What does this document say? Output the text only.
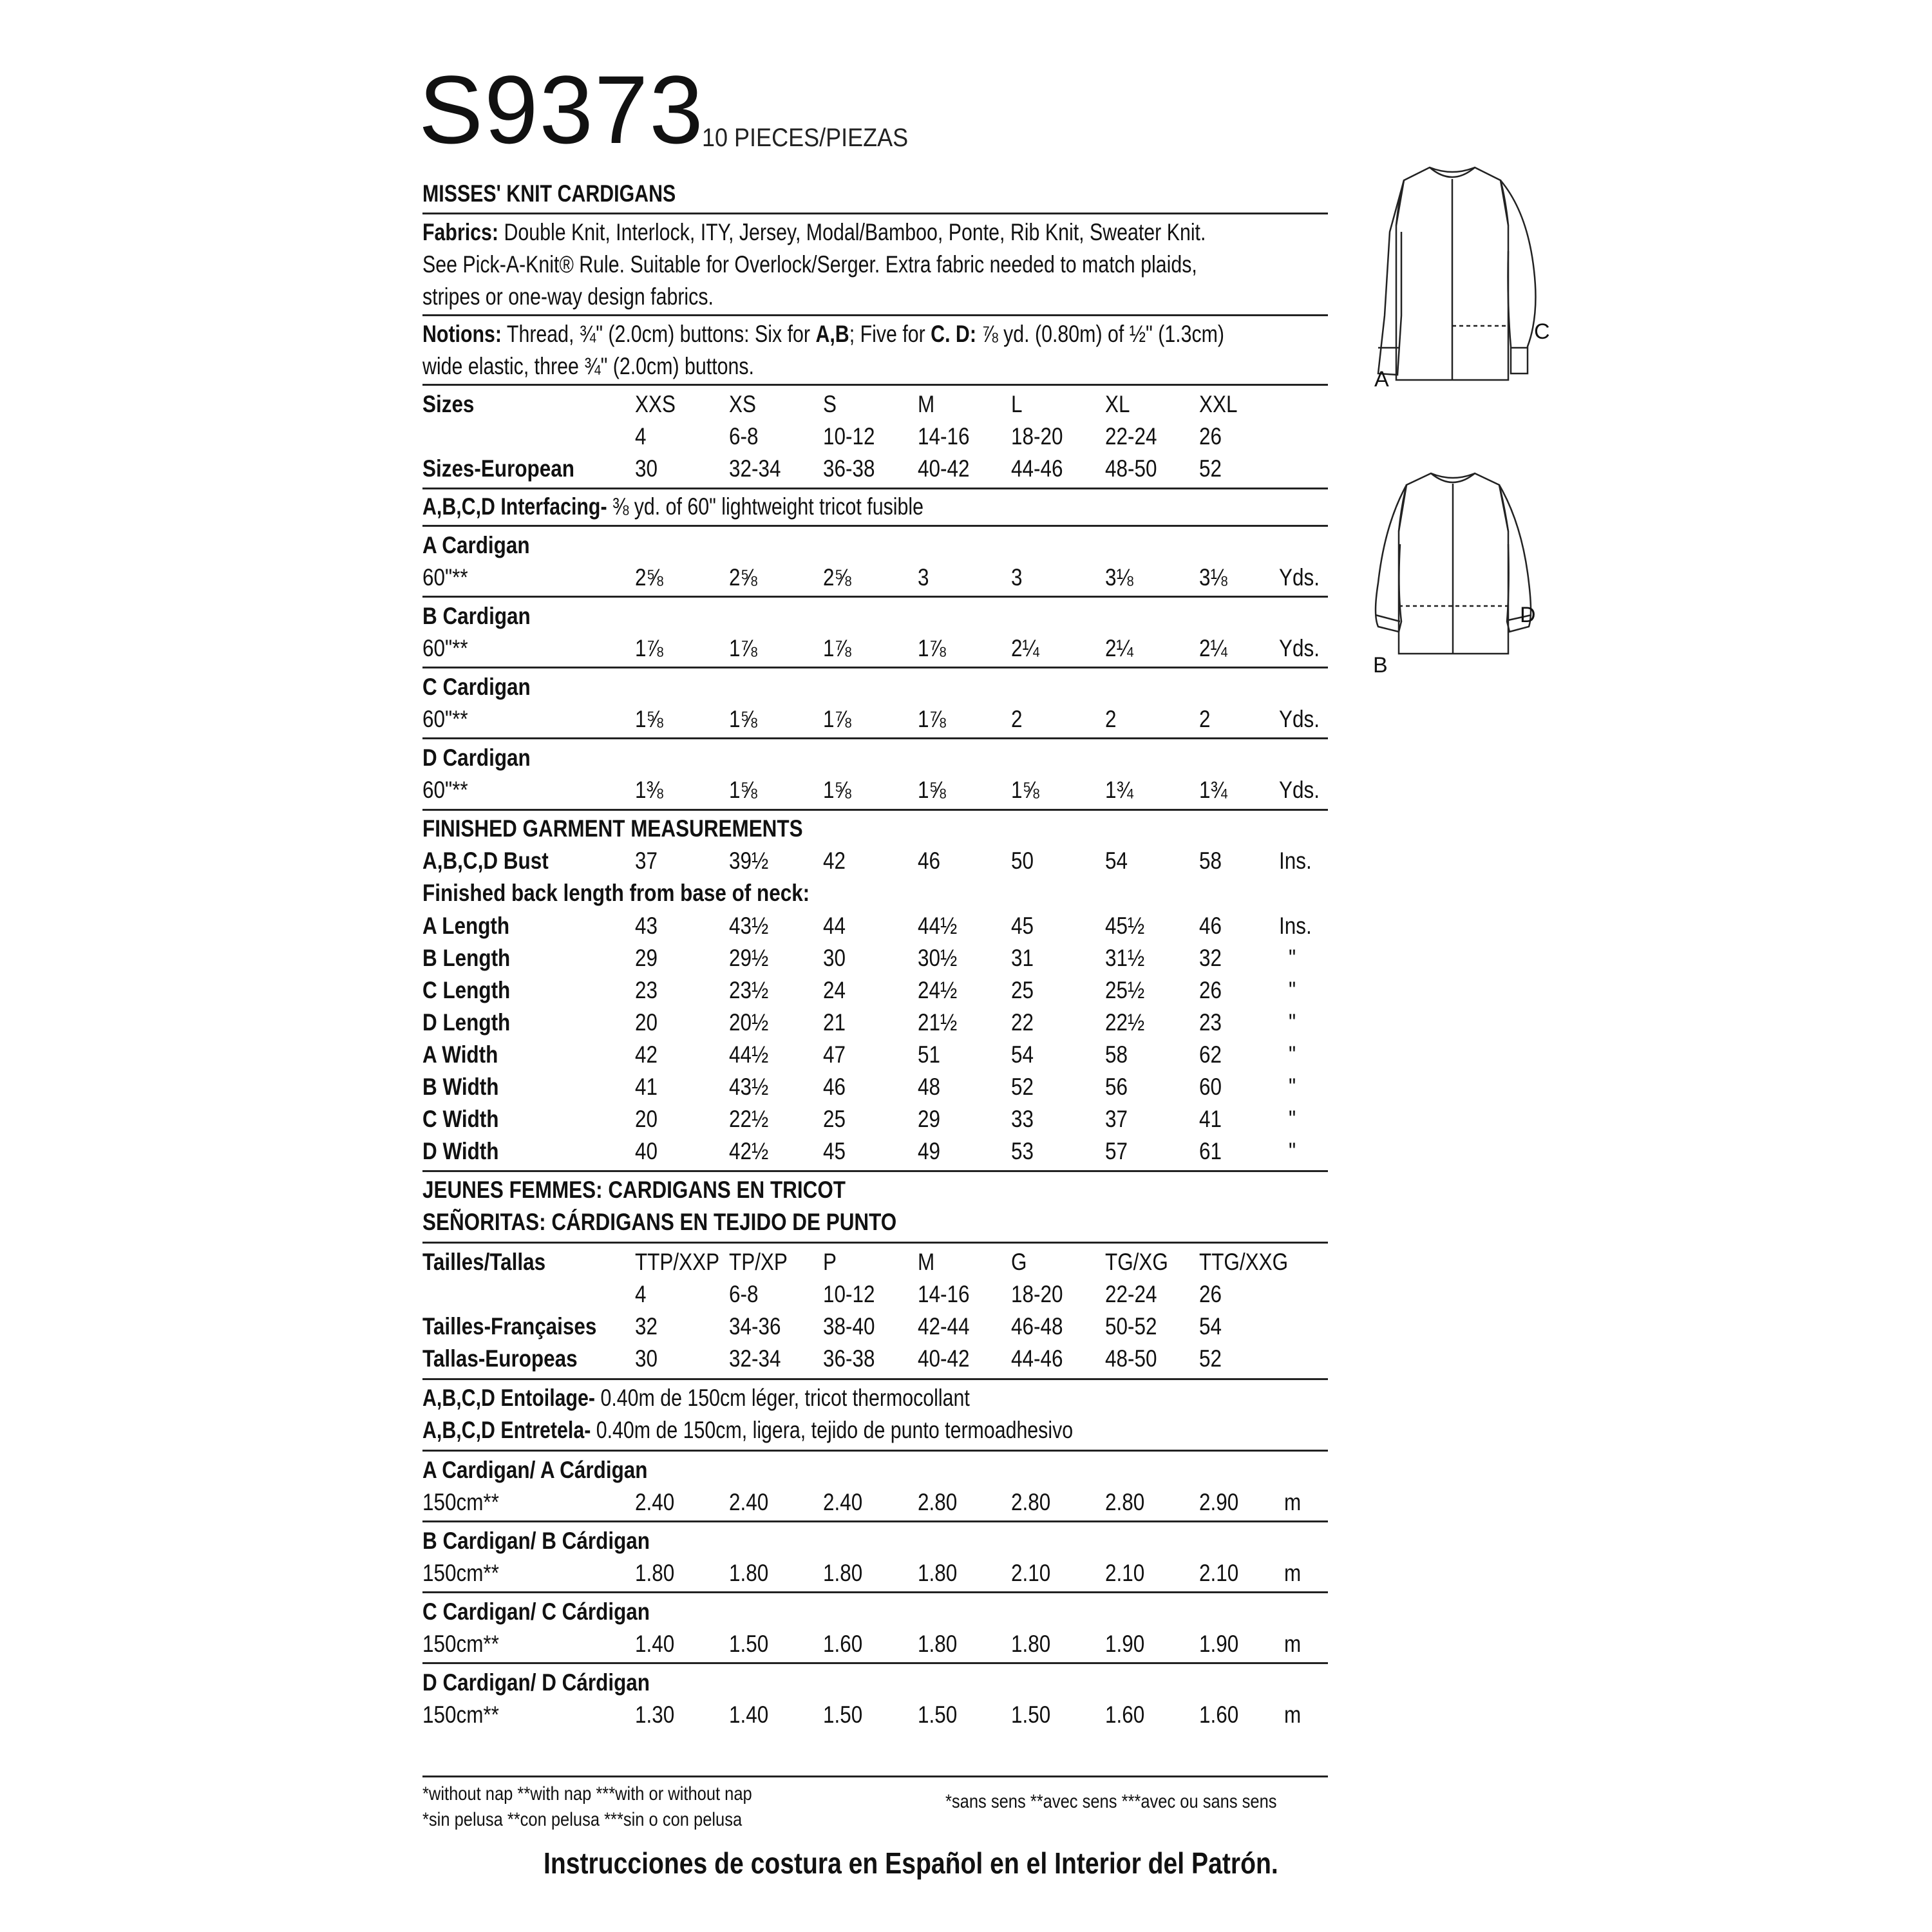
S9373
10 PIECES/PIEZAS
MISSES' KNIT CARDIGANS
Fabrics: Double Knit, Interlock, ITY, Jersey, Modal/Bamboo, Ponte, Rib Knit, Sweater Knit.
See Pick-A-Knit® Rule. Suitable for Overlock/Serger. Extra fabric needed to match plaids,
stripes or one-way design fabrics.
Notions: Thread, ¾" (2.0cm) buttons: Six for A,B; Five for C. D: ⅞ yd. (0.80m) of ½" (1.3cm)
wide elastic, three ¾" (2.0cm) buttons.
Sizes	XXS XS	S	M	L	XL	XXL
4	6-8	10-12 14-16 18-20 22-24 26
Sizes-European	30	32-34 36-38 40-42 44-46 48-50 52
A,B,C,D Interfacing- ⅜ yd. of 60" lightweight tricot fusible
A Cardigan
60"**	2⅝	2⅝	2⅝	3	3	3⅛	3⅛ Yds.
B Cardigan
60"**	1⅞	1⅞	1⅞	1⅞	2¼	2¼	2¼ Yds.
C Cardigan
60"**	1⅝	1⅝	1⅞	1⅞	2	2	2	Yds.
D Cardigan
60"**	1⅜	1⅝	1⅝	1⅝	1⅝	1¾	1¾ Yds.
FINISHED GARMENT MEASUREMENTS
A,B,C,D Bust	37	39½ 42	46	50	54	58 Ins.
Finished back length from base of neck:
A Length	43	43½ 44	44½ 45	45½ 46 Ins.
B Length	29	29½ 30	30½ 31	31½ 32	"
C Length	23	23½ 24	24½ 25	25½ 26	"
D Length	20	20½ 21	21½ 22	22½ 23	"
A Width	42	44½ 47	51	54	58	62	"
B Width	41	43½ 46	48	52	56	60	"
C Width	20	22½ 25	29	33	37	41	"
D Width	40	42½ 45	49	53	57	61	"
JEUNES FEMMES: CARDIGANS EN TRICOT
SEÑORITAS: CÁRDIGANS EN TEJIDO DE PUNTO
Tailles/Tallas	TTP/XXP TP/XP P	M	G	TG/XG TTG/XXG
4	6-8	10-12 14-16 18-20 22-24 26
Tailles-Françaises 32	34-36 38-40 42-44 46-48 50-52 54
Tallas-Europeas 30	32-34 36-38 40-42 44-46 48-50 52
A,B,C,D Entoilage- 0.40m de 150cm léger, tricot thermocollant
A,B,C,D Entretela- 0.40m de 150cm, ligera, tejido de punto termoadhesivo
A Cardigan/ A Cárdigan
150cm**	2.40 2.40 2.40 2.80 2.80 2.80 2.90 m
B Cardigan/ B Cárdigan
150cm**	1.80 1.80 1.80 1.80 2.10 2.10 2.10 m
C Cardigan/ C Cárdigan
150cm**	1.40 1.50 1.60 1.80 1.80 1.90 1.90 m
D Cardigan/ D Cárdigan
150cm**	1.30 1.40 1.50 1.50 1.50 1.60 1.60 m
*without nap **with nap ***with or without nap
*sin pelusa **con pelusa ***sin o con pelusa
*sans sens **avec sens ***avec ou sans sens
Instrucciones de costura en Español en el Interior del Patrón.
A
C
B
D
